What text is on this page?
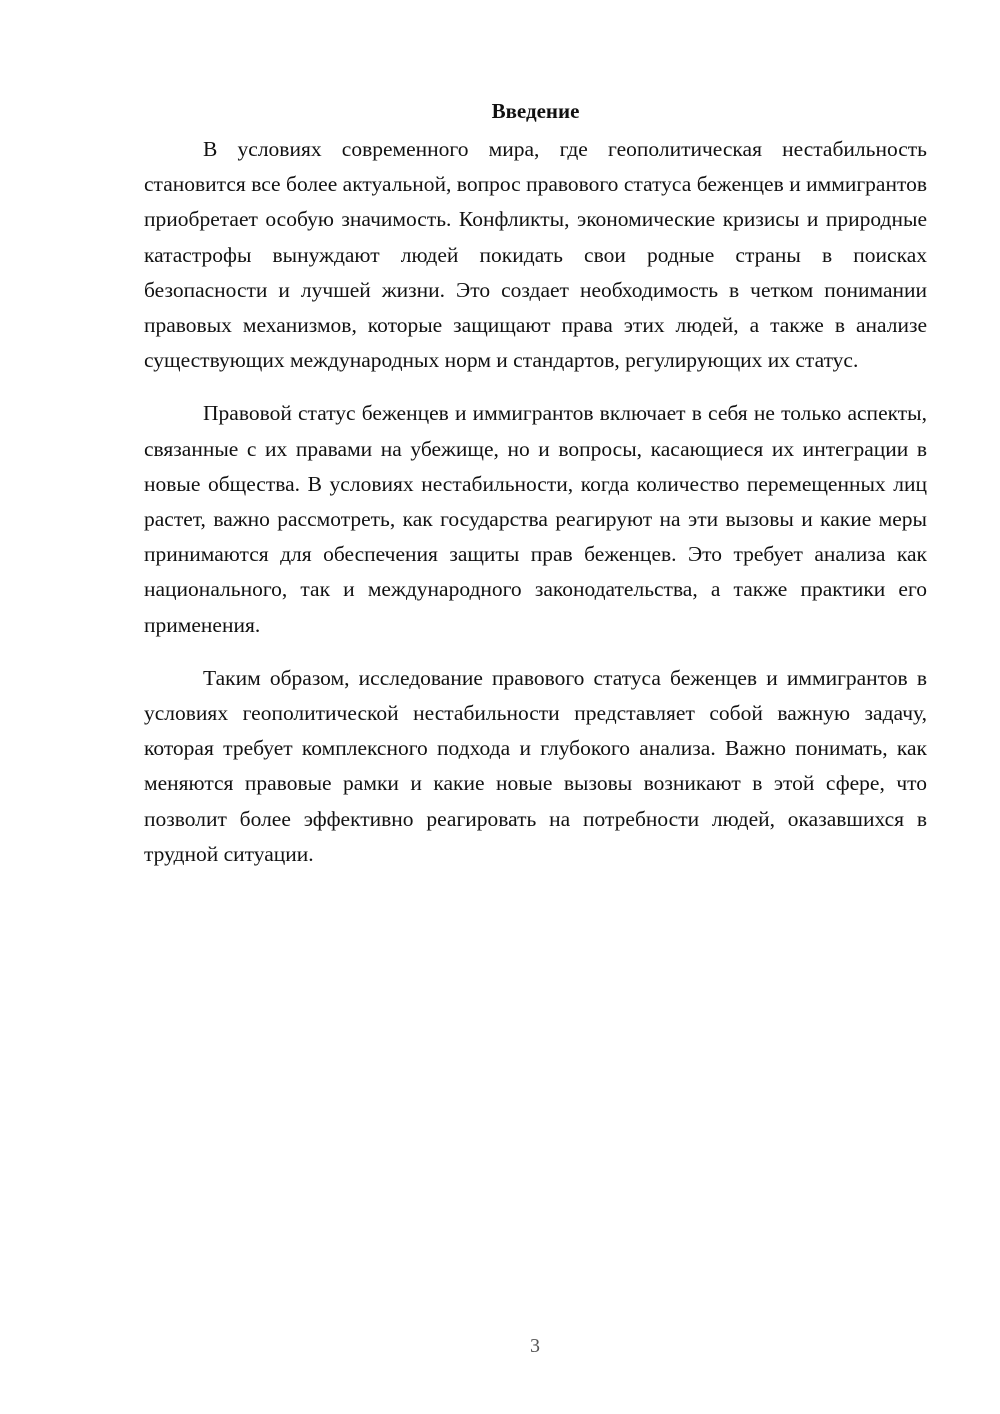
Введение

В условиях современного мира, где геополитическая нестабильность становится все более актуальной, вопрос правового статуса беженцев и иммигрантов приобретает особую значимость. Конфликты, экономические кризисы и природные катастрофы вынуждают людей покидать свои родные страны в поисках безопасности и лучшей жизни. Это создает необходимость в четком понимании правовых механизмов, которые защищают права этих людей, а также в анализе существующих международных норм и стандартов, регулирующих их статус.

Правовой статус беженцев и иммигрантов включает в себя не только аспекты, связанные с их правами на убежище, но и вопросы, касающиеся их интеграции в новые общества. В условиях нестабильности, когда количество перемещенных лиц растет, важно рассмотреть, как государства реагируют на эти вызовы и какие меры принимаются для обеспечения защиты прав беженцев. Это требует анализа как национального, так и международного законодательства, а также практики его применения.

Таким образом, исследование правового статуса беженцев и иммигрантов в условиях геополитической нестабильности представляет собой важную задачу, которая требует комплексного подхода и глубокого анализа. Важно понимать, как меняются правовые рамки и какие новые вызовы возникают в этой сфере, что позволит более эффективно реагировать на потребности людей, оказавшихся в трудной ситуации.

3
